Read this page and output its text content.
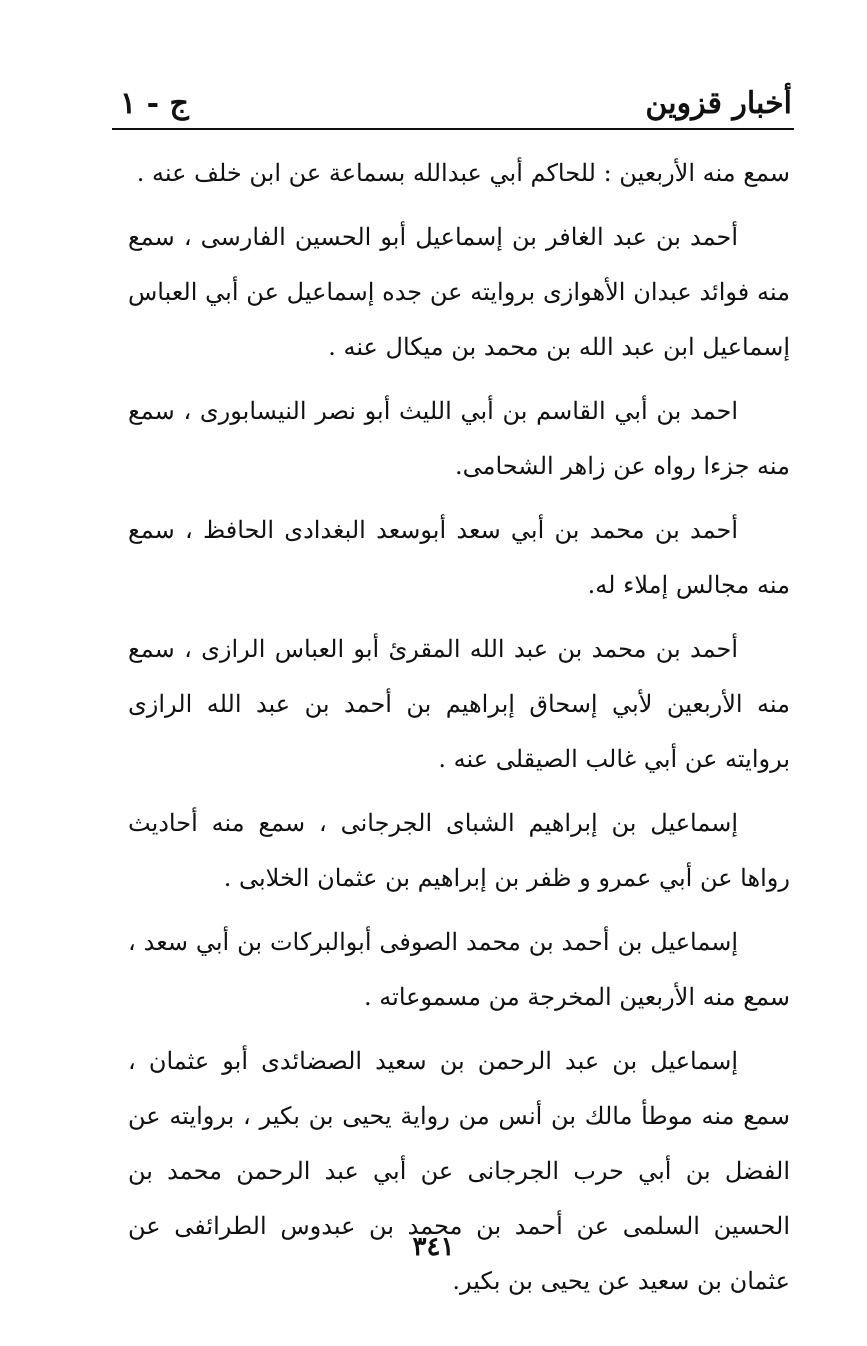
أخبار قزوين
ج - ١

سمع منه الأربعين : للحاكم أبي عبدالله بسماعة عن ابن خلف عنه .

أحمد بن عبد الغافر بن إسماعيل أبو الحسين الفارسى ، سمع منه فوائد عبدان الأهوازى بروايته عن جده إسماعيل عن أبي العباس إسماعيل ابن عبد الله بن محمد بن ميكال عنه .

احمد بن أبي القاسم بن أبي الليث أبو نصر النيسابورى ، سمع منه جزءا رواه عن زاهر الشحامى.

أحمد بن محمد بن أبي سعد أبوسعد البغدادى الحافظ ، سمع منه مجالس إملاء له.

أحمد بن محمد بن عبد الله المقرئ أبو العباس الرازى ، سمع منه الأربعين لأبي إسحاق إبراهيم بن أحمد بن عبد الله الرازى بروايته عن أبي غالب الصيقلى عنه .

إسماعيل بن إبراهيم الشباى الجرجانى ، سمع منه أحاديث رواها عن أبي عمرو و ظفر بن إبراهيم بن عثمان الخلابى .

إسماعيل بن أحمد بن محمد الصوفى أبوالبركات بن أبي سعد ، سمع منه الأربعين المخرجة من مسموعاته .

إسماعيل بن عبد الرحمن بن سعيد الصضائدى أبو عثمان ، سمع منه موطأ مالك بن أنس من رواية يحيى بن بكير ، بروايته عن الفضل بن أبي حرب الجرجانى عن أبي عبد الرحمن محمد بن الحسين السلمى عن أحمد بن محمد بن عبدوس الطرائفى عن عثمان بن سعيد عن يحيى بن بكير.

٣٤١
